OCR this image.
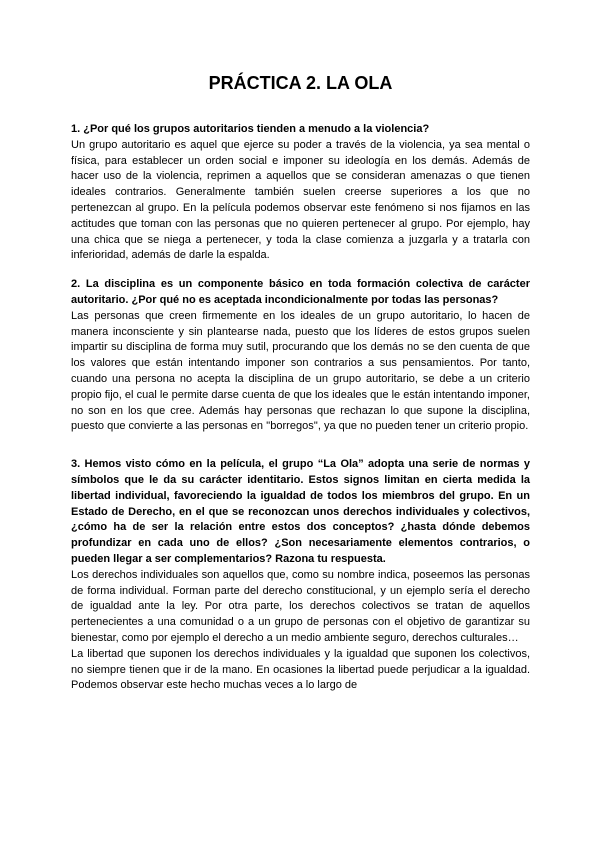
PRÁCTICA 2. LA OLA

1. ¿Por qué los grupos autoritarios tienden a menudo a la violencia?

Un grupo autoritario es aquel que ejerce su poder a través de la violencia, ya sea mental o física, para establecer un orden social e imponer su ideología en los demás. Además de hacer uso de la violencia, reprimen a aquellos que se consideran amenazas o que tienen ideales contrarios. Generalmente también suelen creerse superiores a los que no pertenezcan al grupo. En la película podemos observar este fenómeno si nos fijamos en las actitudes que toman con las personas que no quieren pertenecer al grupo. Por ejemplo, hay una chica que se niega a pertenecer, y toda la clase comienza a juzgarla y a tratarla con inferioridad, además de darle la espalda.

2. La disciplina es un componente básico en toda formación colectiva de carácter autoritario. ¿Por qué no es aceptada incondicionalmente por todas las personas?

Las personas que creen firmemente en los ideales de un grupo autoritario, lo hacen de manera inconsciente y sin plantearse nada, puesto que los líderes de estos grupos suelen impartir su disciplina de forma muy sutil, procurando que los demás no se den cuenta de que los valores que están intentando imponer son contrarios a sus pensamientos. Por tanto, cuando una persona no acepta la disciplina de un grupo autoritario, se debe a un criterio propio fijo, el cual le permite darse cuenta de que los ideales que le están intentando imponer, no son en los que cree. Además hay personas que rechazan lo que supone la disciplina, puesto que convierte a las personas en ''borregos'', ya que no pueden tener un criterio propio.

3. Hemos visto cómo en la película, el grupo “La Ola” adopta una serie de normas y símbolos que le da su carácter identitario. Estos signos limitan en cierta medida la libertad individual, favoreciendo la igualdad de todos los miembros del grupo. En un Estado de Derecho, en el que se reconozcan unos derechos individuales y colectivos, ¿cómo ha de ser la relación entre estos dos conceptos? ¿hasta dónde debemos profundizar en cada uno de ellos? ¿Son necesariamente elementos contrarios, o pueden llegar a ser complementarios? Razona tu respuesta.

Los derechos individuales son aquellos que, como su nombre indica, poseemos las personas de forma individual. Forman parte del derecho constitucional, y un ejemplo sería el derecho de igualdad ante la ley. Por otra parte, los derechos colectivos se tratan de aquellos pertenecientes a una comunidad o a un grupo de personas con el objetivo de garantizar su bienestar, como por ejemplo el derecho a un medio ambiente seguro, derechos culturales…

La libertad que suponen los derechos individuales y la igualdad que suponen los colectivos, no siempre tienen que ir de la mano. En ocasiones la libertad puede perjudicar a la igualdad. Podemos observar este hecho muchas veces a lo largo de
